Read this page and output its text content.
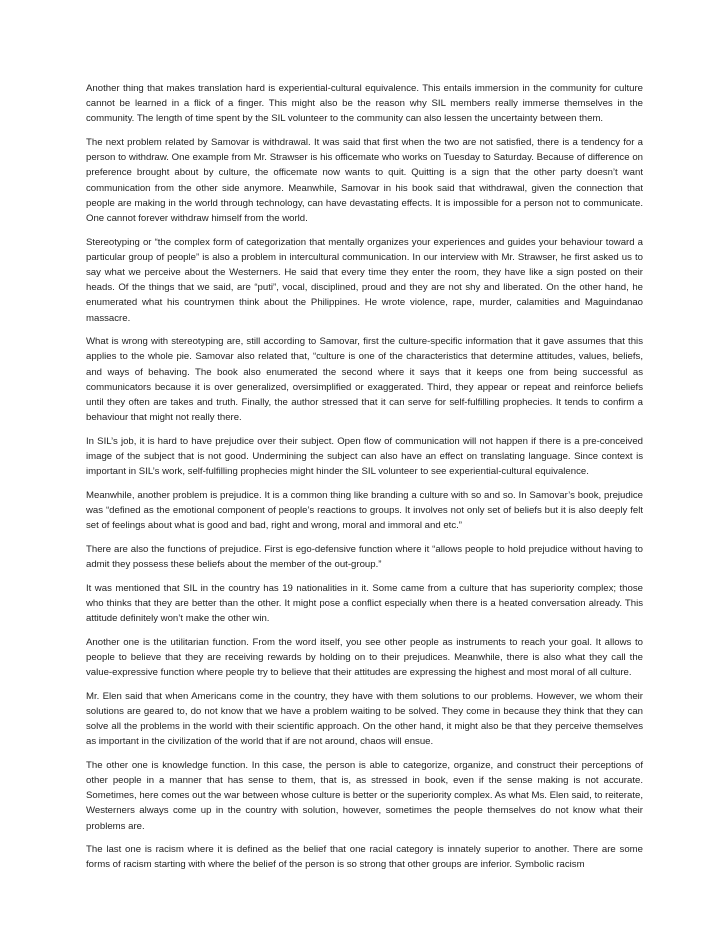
Another thing that makes translation hard is experiential-cultural equivalence. This entails immersion in the community for culture cannot be learned in a flick of a finger. This might also be the reason why SIL members really immerse themselves in the community. The length of time spent by the SIL volunteer to the community can also lessen the uncertainty between them.

The next problem related by Samovar is withdrawal. It was said that first when the two are not satisfied, there is a tendency for a person to withdraw. One example from Mr. Strawser is his officemate who works on Tuesday to Saturday. Because of difference on preference brought about by culture, the officemate now wants to quit. Quitting is a sign that the other party doesn’t want communication from the other side anymore. Meanwhile, Samovar in his book said that withdrawal, given the connection that people are making in the world through technology, can have devastating effects. It is impossible for a person not to communicate. One cannot forever withdraw himself from the world.

Stereotyping or “the complex form of categorization that mentally organizes your experiences and guides your behaviour toward a particular group of people” is also a problem in intercultural communication. In our interview with Mr. Strawser, he first asked us to say what we perceive about the Westerners. He said that every time they enter the room, they have like a sign posted on their heads. Of the things that we said, are “puti”, vocal, disciplined, proud and they are not shy and liberated. On the other hand, he enumerated what his countrymen think about the Philippines. He wrote violence, rape, murder, calamities and Maguindanao massacre.

What is wrong with stereotyping are, still according to Samovar, first the culture-specific information that it gave assumes that this applies to the whole pie. Samovar also related that, “culture is one of the characteristics that determine attitudes, values, beliefs, and ways of behaving. The book also enumerated the second where it says that it keeps one from being successful as communicators because it is over generalized, oversimplified or exaggerated. Third, they appear or repeat and reinforce beliefs until they often are takes and truth. Finally, the author stressed that it can serve for self-fulfilling prophecies. It tends to confirm a behaviour that might not really there.

In SIL’s job, it is hard to have prejudice over their subject. Open flow of communication will not happen if there is a pre-conceived image of the subject that is not good. Undermining the subject can also have an effect on translating language. Since context is important in SIL’s work, self-fulfilling prophecies might hinder the SIL volunteer to see experiential-cultural equivalence.

Meanwhile, another problem is prejudice. It is a common thing like branding a culture with so and so. In Samovar’s book, prejudice was “defined as the emotional component of people’s reactions to groups. It involves not only set of beliefs but it is also deeply felt set of feelings about what is good and bad, right and wrong, moral and immoral and etc.”

There are also the functions of prejudice. First is ego-defensive function where it “allows people to hold prejudice without having to admit they possess these beliefs about the member of the out-group.”

It was mentioned that SIL in the country has 19 nationalities in it. Some came from a culture that has superiority complex; those who thinks that they are better than the other. It might pose a conflict especially when there is a heated conversation already. This attitude definitely won’t make the other win.

Another one is the utilitarian function. From the word itself, you see other people as instruments to reach your goal. It allows to people to believe that they are receiving rewards by holding on to their prejudices. Meanwhile, there is also what they call the value-expressive function where people try to believe that their attitudes are expressing the highest and most moral of all culture.

Mr. Elen said that when Americans come in the country, they have with them solutions to our problems. However, we whom their solutions are geared to, do not know that we have a problem waiting to be solved. They come in because they think that they can solve all the problems in the world with their scientific approach. On the other hand, it might also be that they perceive themselves as important in the civilization of the world that if are not around, chaos will ensue.

The other one is knowledge function. In this case, the person is able to categorize, organize, and construct their perceptions of other people in a manner that has sense to them, that is, as stressed in book, even if the sense making is not accurate. Sometimes, here comes out the war between whose culture is better or the superiority complex. As what Ms. Elen said, to reiterate, Westerners always come up in the country with solution, however, sometimes the people themselves do not know what their problems are.

The last one is racism where it is defined as the belief that one racial category is innately superior to another. There are some forms of racism starting with where the belief of the person is so strong that other groups are inferior. Symbolic racism
